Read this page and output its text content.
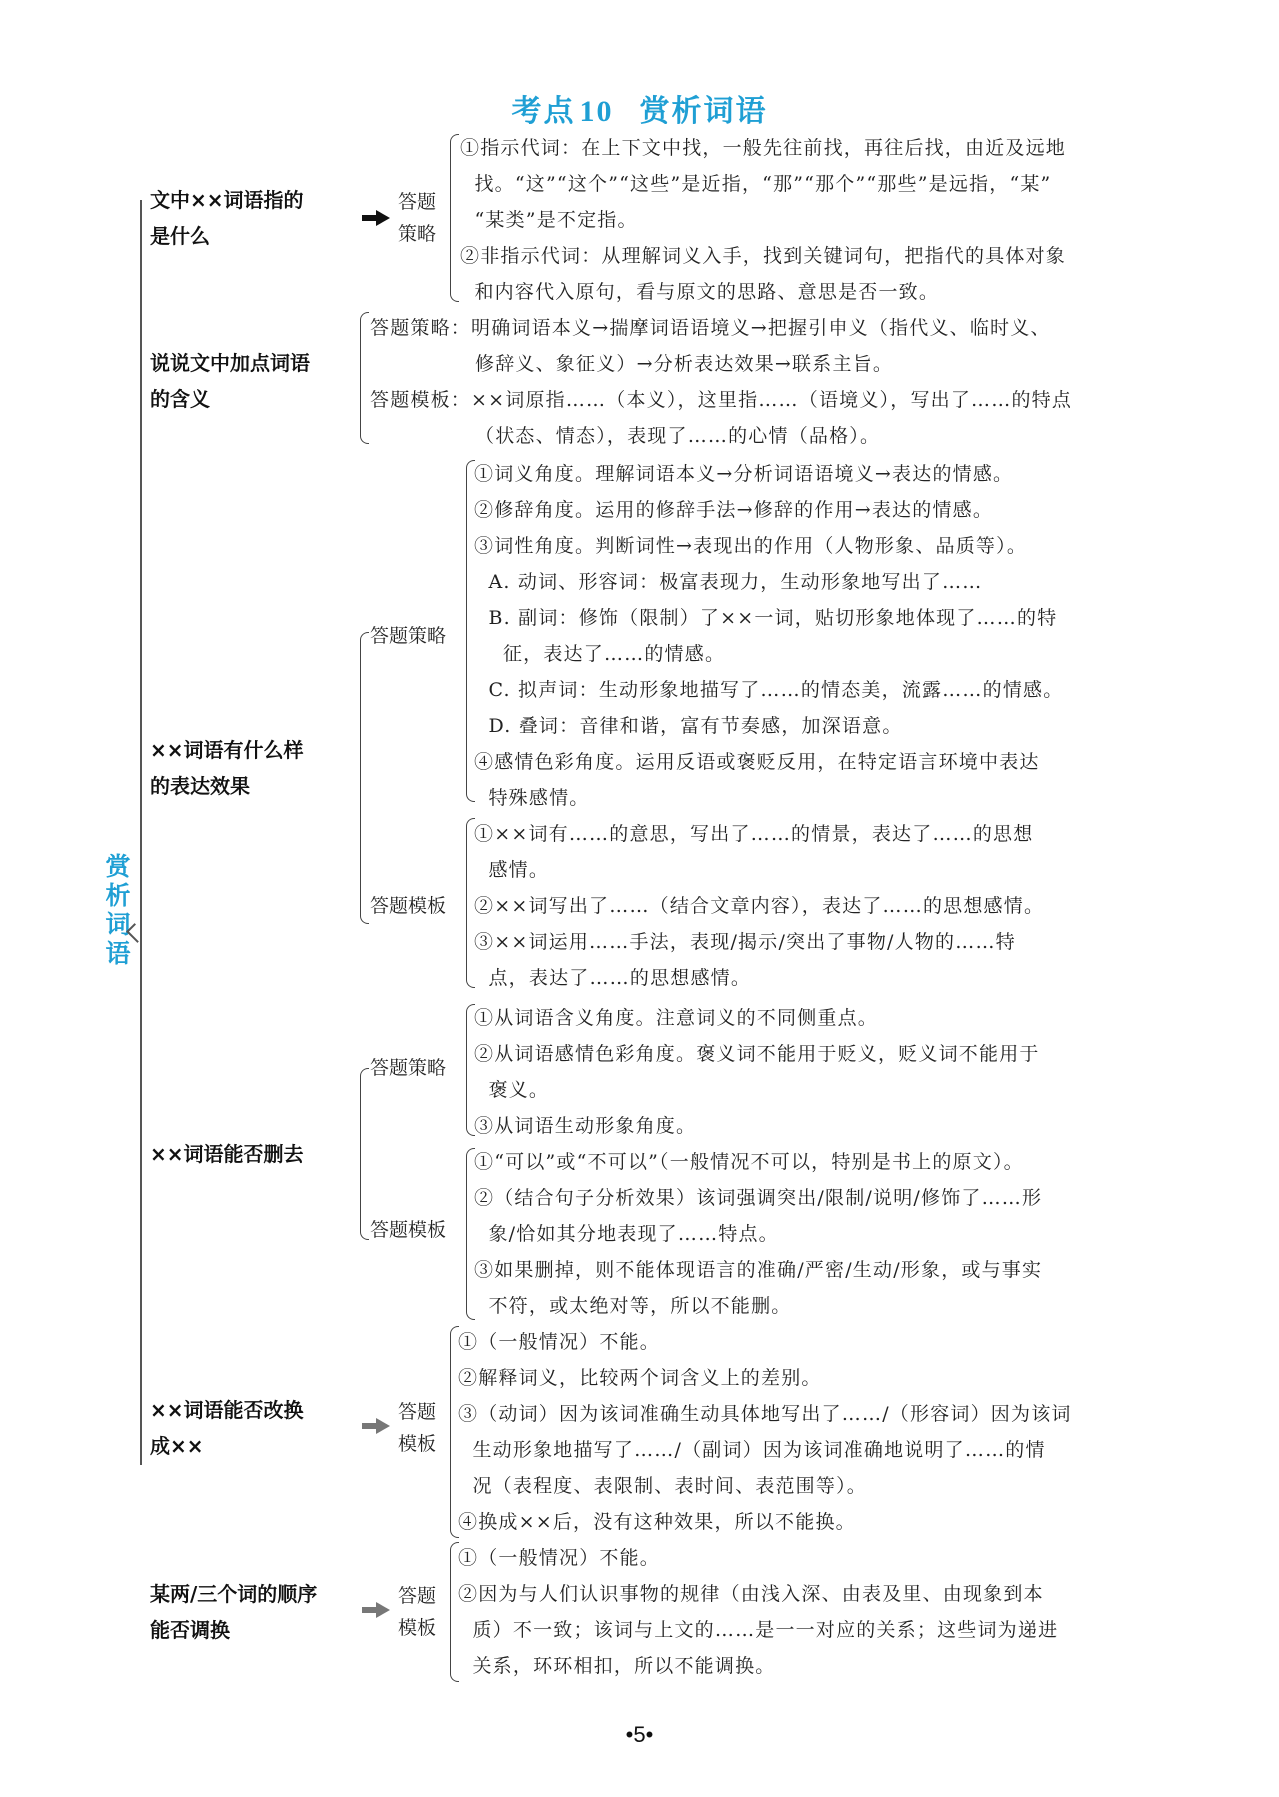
考点 10 赏析词语
赏析词语
文中××词语指的
是什么
答题
策略
①指示代词：在上下文中找，一般先往前找，再往后找，由近及远地
找。“这”“这个”“这些”是近指，“那”“那个”“那些”是远指，“某”
“某类”是不定指。
②非指示代词：从理解词义入手，找到关键词句，把指代的具体对象
和内容代入原句，看与原文的思路、意思是否一致。
说说文中加点词语
的含义
答题策略：明确词语本义→揣摩词语语境义→把握引申义（指代义、临时义、
修辞义、象征义）→分析表达效果→联系主旨。
答题模板：××词原指……（本义），这里指……（语境义），写出了……的特点
（状态、情态），表现了……的心情（品格）。
××词语有什么样
的表达效果
答题策略
①词义角度。理解词语本义→分析词语语境义→表达的情感。
②修辞角度。运用的修辞手法→修辞的作用→表达的情感。
③词性角度。判断词性→表现出的作用（人物形象、品质等）。
A. 动词、形容词：极富表现力，生动形象地写出了……
B. 副词：修饰（限制）了××一词，贴切形象地体现了……的特
征，表达了……的情感。
C. 拟声词：生动形象地描写了……的情态美，流露……的情感。
D. 叠词：音律和谐，富有节奏感，加深语意。
④感情色彩角度。运用反语或褒贬反用，在特定语言环境中表达
特殊感情。
答题模板
①××词有……的意思，写出了……的情景，表达了……的思想
感情。
②××词写出了……（结合文章内容），表达了……的思想感情。
③××词运用……手法，表现/揭示/突出了事物/人物的……特
点，表达了……的思想感情。
××词语能否删去
答题策略
①从词语含义角度。注意词义的不同侧重点。
②从词语感情色彩角度。褒义词不能用于贬义，贬义词不能用于
褒义。
③从词语生动形象角度。
答题模板
①“可以”或“不可以”（一般情况不可以，特别是书上的原文）。
②（结合句子分析效果）该词强调突出/限制/说明/修饰了……形
象/恰如其分地表现了……特点。
③如果删掉，则不能体现语言的准确/严密/生动/形象，或与事实
不符，或太绝对等，所以不能删。
××词语能否改换
成××
答题
模板
①（一般情况）不能。
②解释词义，比较两个词含义上的差别。
③（动词）因为该词准确生动具体地写出了……/（形容词）因为该词
生动形象地描写了……/（副词）因为该词准确地说明了……的情
况（表程度、表限制、表时间、表范围等）。
④换成××后，没有这种效果，所以不能换。
某两/三个词的顺序
能否调换
答题
模板
①（一般情况）不能。
②因为与人们认识事物的规律（由浅入深、由表及里、由现象到本
质）不一致；该词与上文的……是一一对应的关系；这些词为递进
关系，环环相扣，所以不能调换。
•5•
